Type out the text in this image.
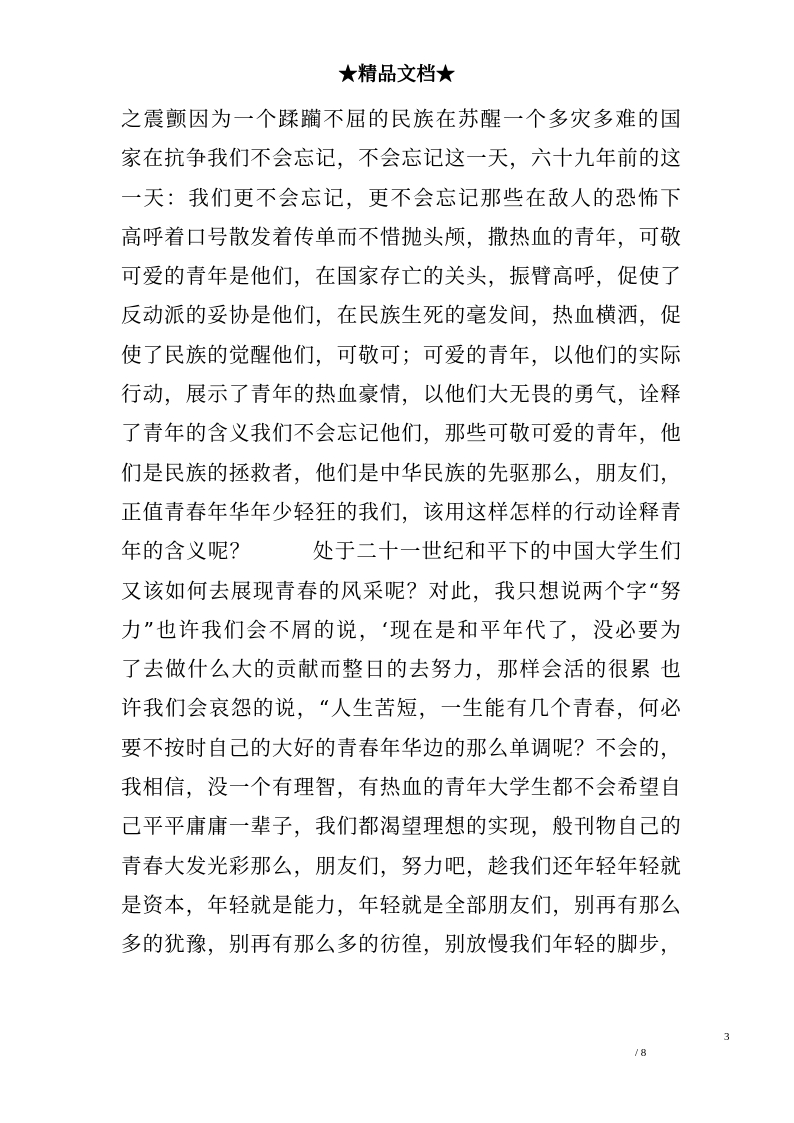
★精品文档★
之震颤因为一个蹂躏不屈的民族在苏醒一个多灾多难的国
家在抗争我们不会忘记，不会忘记这一天，六十九年前的这
一天：我们更不会忘记，更不会忘记那些在敌人的恐怖下
高呼着口号散发着传单而不惜抛头颅，撒热血的青年，可敬
可爱的青年是他们，在国家存亡的关头，振臂高呼，促使了
反动派的妥协是他们，在民族生死的毫发间，热血横洒，促
使了民族的觉醒他们，可敬可；可爱的青年，以他们的实际
行动，展示了青年的热血豪情，以他们大无畏的勇气，诠释
了青年的含义我们不会忘记他们，那些可敬可爱的青年，他
们是民族的拯救者，他们是中华民族的先驱那么，朋友们，
正值青春年华年少轻狂的我们，该用这样怎样的行动诠释青
年的含义呢？        处于二十一世纪和平下的中国大学生们
又该如何去展现青春的风采呢？对此，我只想说两个字“努
力”也许我们会不屑的说，‘现在是和平年代了，没必要为
了去做什么大的贡献而整日的去努力，那样会活的很累 也
许我们会哀怨的说，“人生苦短，一生能有几个青春，何必
要不按时自己的大好的青春年华边的那么单调呢？不会的，
我相信，没一个有理智，有热血的青年大学生都不会希望自
己平平庸庸一辈子，我们都渴望理想的实现，般刊物自己的
青春大发光彩那么，朋友们，努力吧，趁我们还年轻年轻就
是资本，年轻就是能力，年轻就是全部朋友们，别再有那么
多的犹豫，别再有那么多的彷徨，别放慢我们年轻的脚步，
3
/ 8
